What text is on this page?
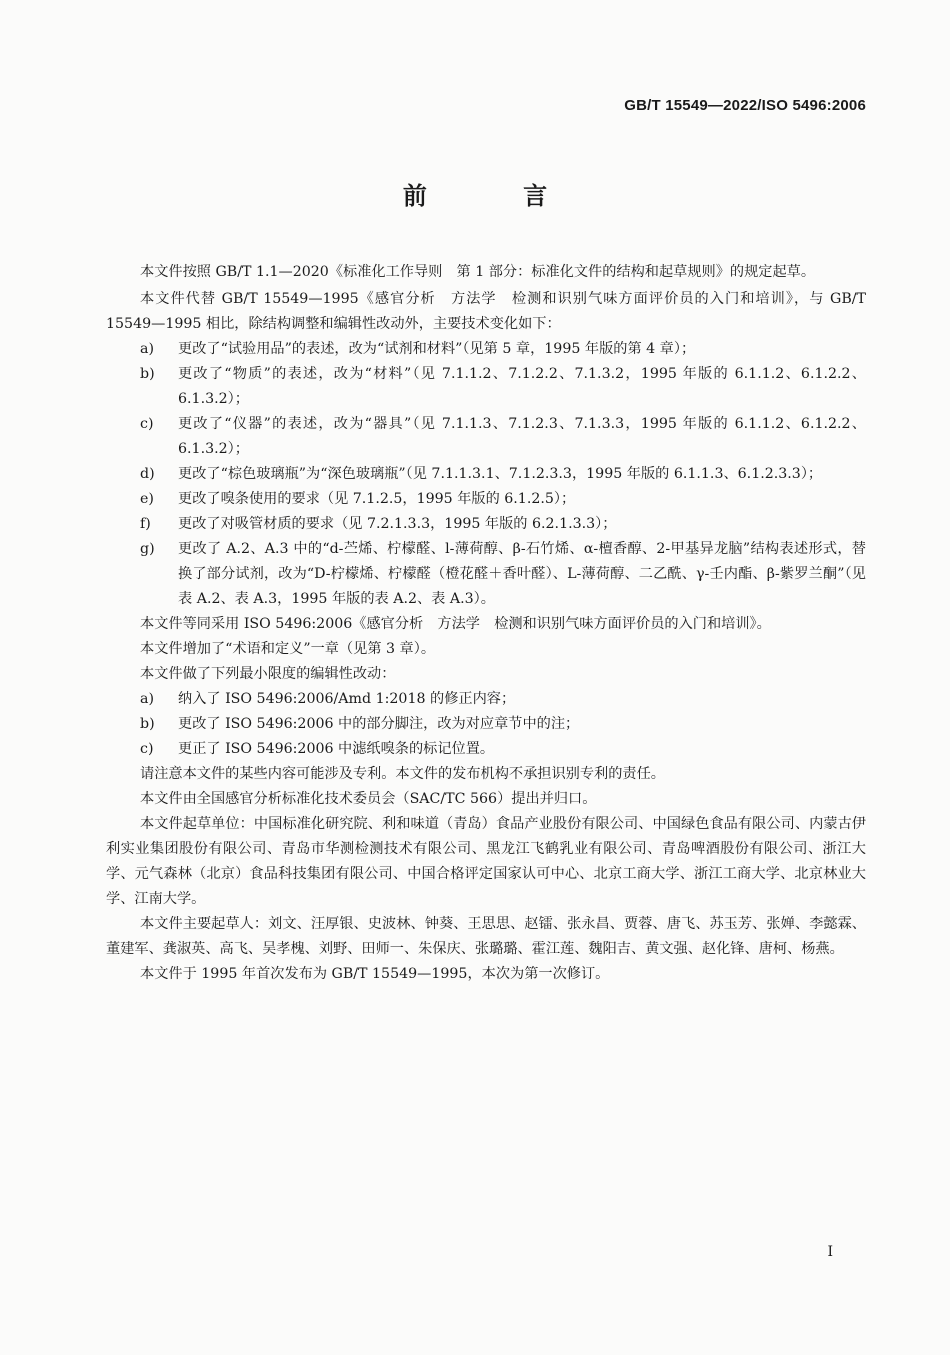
GB/T 15549—2022/ISO 5496:2006
前 言

本文件按照 GB/T 1.1—2020《标准化工作导则　第 1 部分：标准化文件的结构和起草规则》的规定起草。

本文件代替 GB/T 15549—1995《感官分析　方法学　检测和识别气味方面评价员的入门和培训》，与 GB/T 15549—1995 相比，除结构调整和编辑性改动外，主要技术变化如下：

a) 更改了“试验用品”的表述，改为“试剂和材料”（见第 5 章，1995 年版的第 4 章）；

b) 更改了“物质”的表述，改为“材料”（见 7.1.1.2、7.1.2.2、7.1.3.2，1995 年版的 6.1.1.2、6.1.2.2、6.1.3.2）；

c) 更改了“仪器”的表述，改为“器具”（见 7.1.1.3、7.1.2.3、7.1.3.3，1995 年版的 6.1.1.2、6.1.2.2、6.1.3.2）；

d) 更改了“棕色玻璃瓶”为“深色玻璃瓶”（见 7.1.1.3.1、7.1.2.3.3，1995 年版的 6.1.1.3、6.1.2.3.3）；

e) 更改了嗅条使用的要求（见 7.1.2.5，1995 年版的 6.1.2.5）；

f) 更改了对吸管材质的要求（见 7.2.1.3.3，1995 年版的 6.2.1.3.3）；

g) 更改了 A.2、A.3 中的“d-苎烯、柠檬醛、l-薄荷醇、β-石竹烯、α-檀香醇、2-甲基异龙脑”结构表述形式，替换了部分试剂，改为“D-柠檬烯、柠檬醛（橙花醛＋香叶醛）、L-薄荷醇、二乙酰、γ-壬内酯、β-紫罗兰酮”（见表 A.2、表 A.3，1995 年版的表 A.2、表 A.3）。

本文件等同采用 ISO 5496:2006《感官分析　方法学　检测和识别气味方面评价员的入门和培训》。

本文件增加了“术语和定义”一章（见第 3 章）。

本文件做了下列最小限度的编辑性改动：

a) 纳入了 ISO 5496:2006/Amd 1:2018 的修正内容；

b) 更改了 ISO 5496:2006 中的部分脚注，改为对应章节中的注；

c) 更正了 ISO 5496:2006 中滤纸嗅条的标记位置。

请注意本文件的某些内容可能涉及专利。本文件的发布机构不承担识别专利的责任。

本文件由全国感官分析标准化技术委员会（SAC/TC 566）提出并归口。

本文件起草单位：中国标准化研究院、利和味道（青岛）食品产业股份有限公司、中国绿色食品有限公司、内蒙古伊利实业集团股份有限公司、青岛市华测检测技术有限公司、黑龙江飞鹤乳业有限公司、青岛啤酒股份有限公司、浙江大学、元气森林（北京）食品科技集团有限公司、中国合格评定国家认可中心、北京工商大学、浙江工商大学、北京林业大学、江南大学。

本文件主要起草人：刘文、汪厚银、史波林、钟葵、王思思、赵镭、张永昌、贾蓉、唐飞、苏玉芳、张婵、李懿霖、董建军、龚淑英、高飞、吴孝槐、刘野、田师一、朱保庆、张璐璐、霍江莲、魏阳吉、黄文强、赵化锋、唐柯、杨燕。

本文件于 1995 年首次发布为 GB/T 15549—1995，本次为第一次修订。

I
